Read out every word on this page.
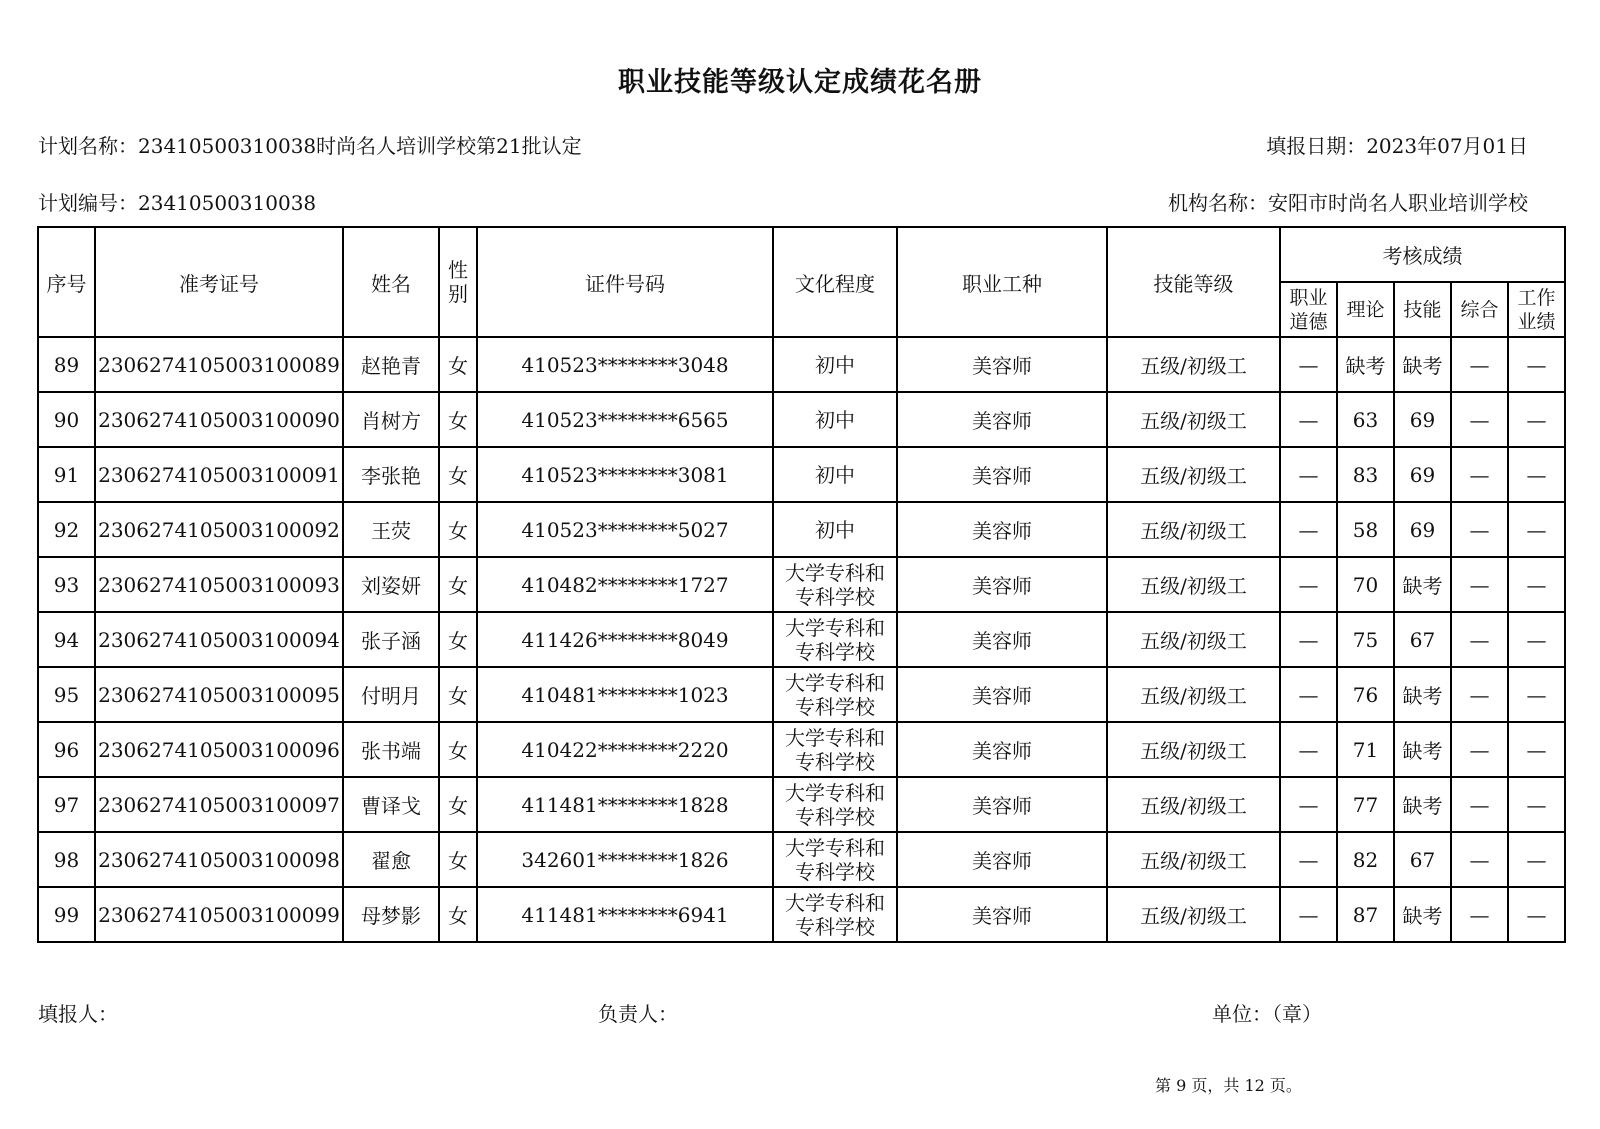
职业技能等级认定成绩花名册
计划名称：23410500310038时尚名人培训学校第21批认定	填报日期：2023年07月01日
计划编号：23410500310038	机构名称：安阳市时尚名人职业培训学校
序号	准考证号	姓名	性
别	证件号码	文化程度	职业工种	技能等级	考核成绩				

								职业
道德	理论	技能	综合	工作
业绩

89	2306274105003100089	赵艳青	女	410523********3048	初中	美容师	五级/初级工	—	缺考	缺考	—	—
90	2306274105003100090	肖树方	女	410523********6565	初中	美容师	五级/初级工	—	63	69	—	—
91	2306274105003100091	李张艳	女	410523********3081	初中	美容师	五级/初级工	—	83	69	—	—
92	2306274105003100092	王荧	女	410523********5027	初中	美容师	五级/初级工	—	58	69	—	—
93	2306274105003100093	刘姿妍	女	410482********1727	大学专科和
专科学校	美容师	五级/初级工	—	70	缺考	—	—
94	2306274105003100094	张子涵	女	411426********8049	大学专科和
专科学校	美容师	五级/初级工	—	75	67	—	—
95	2306274105003100095	付明月	女	410481********1023	大学专科和
专科学校	美容师	五级/初级工	—	76	缺考	—	—
96	2306274105003100096	张书端	女	410422********2220	大学专科和
专科学校	美容师	五级/初级工	—	71	缺考	—	—
97	2306274105003100097	曹译戈	女	411481********1828	大学专科和
专科学校	美容师	五级/初级工	—	77	缺考	—	—
98	2306274105003100098	翟愈	女	342601********1826	大学专科和
专科学校	美容师	五级/初级工	—	82	67	—	—
99	2306274105003100099	母梦影	女	411481********6941	大学专科和
专科学校	美容师	五级/初级工	—	87	缺考	—	—
填报人：	负责人：	单位：（章）
第 9 页，共 12 页。
